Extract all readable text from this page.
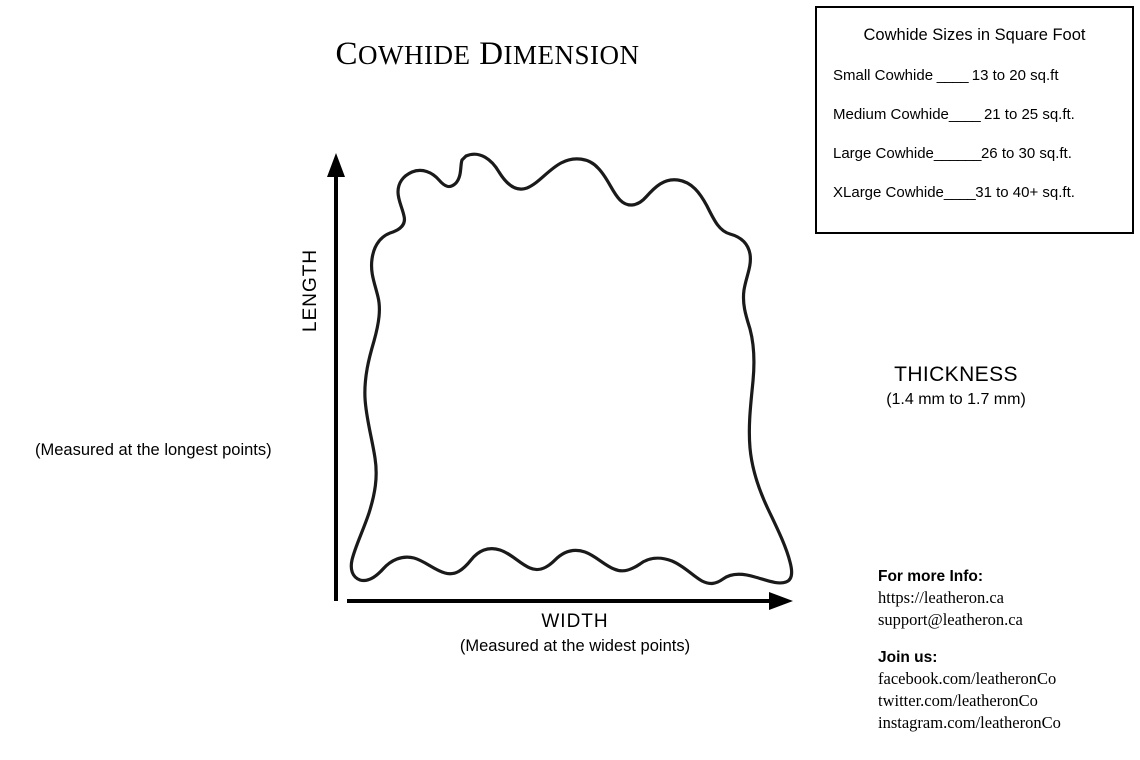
COWHIDE DIMENSION
Cowhide Sizes in Square Foot
Small Cowhide ____ 13 to 20 sq.ft
Medium Cowhide____ 21 to 25 sq.ft.
Large Cowhide______26 to 30 sq.ft.
XLarge Cowhide____31 to 40+ sq.ft.
LENGTH
(Measured at the longest points)
WIDTH
(Measured at the widest points)
THICKNESS
(1.4 mm to 1.7 mm)
For more Info:
https://leatheron.ca
support@leatheron.ca
Join us:
facebook.com/leatheronCo
twitter.com/leatheronCo
instagram.com/leatheronCo
